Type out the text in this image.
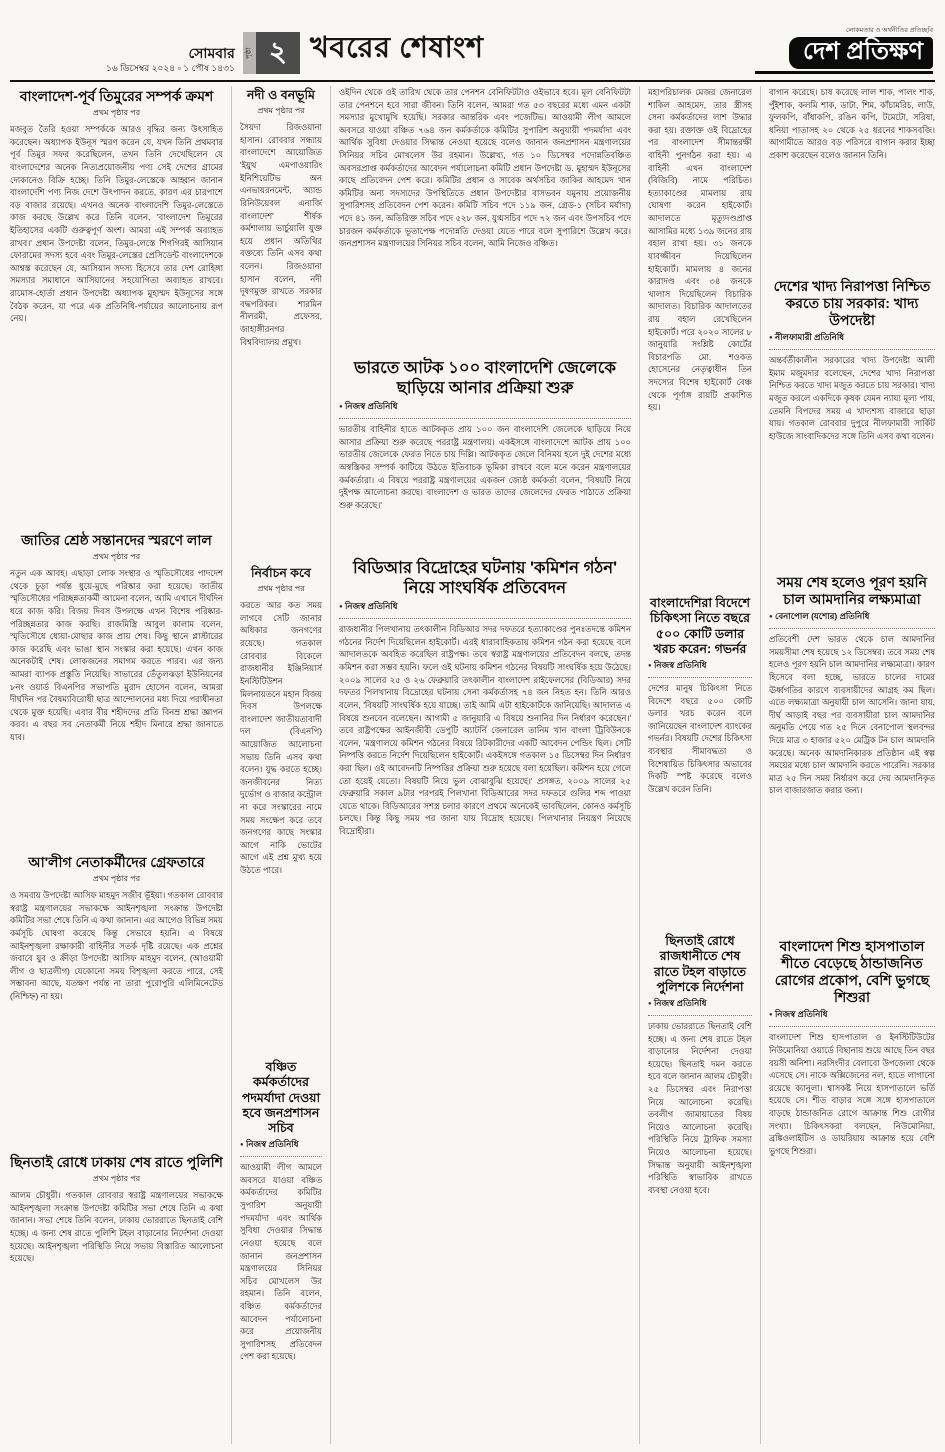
সোমবার
১৬ ডিসেম্বর ২০২৪ ▫ ১ পৌষ ১৪৩১
পৃষ্ঠা ২ খবরের শেষাংশ
লোকমতার ও অর্থনীতির প্রতিচ্ছবি
দেশ প্রতিক্ষণ
বাংলাদেশ-পূর্ব তিমুরের সম্পর্ক ক্রমশ
প্রথম পৃষ্ঠার পর
মজবুত তৈরি হওয়া সম্পর্ককে আরও বৃদ্ধির জন্য উৎসাহিত করেছেন। অধ্যাপক ইউনূস স্মরণ করেন যে, যখন তিনি প্রথমবার পূর্ব তিমুর সফর করেছিলেন, তখন তিনি দেখেছিলেন যে বাংলাদেশের অনেক নিত্যপ্রয়োজনীয় পণ্য সেই দেশের গ্রামের দোকানেও বিক্রি হচ্ছে। তিনি তিমুর-লেস্তেকে আহ্বান জানান বাংলাদেশি পণ্য নিজ দেশে উৎপাদন করতে, কারণ এর চারপাশে বড় বাজার রয়েছে। এখনও অনেক বাংলাদেশি তিমুর-লেস্তেতে কাজ করছে উল্লেখ করে তিনি বলেন, 'বাংলাদেশ তিমুরের ইতিহাসের একটি গুরুত্বপূর্ণ অংশ। আমরা এই সম্পর্ক অব্যাহত রাখব।' প্রধান উপদেষ্টা বলেন, তিমুর-লেস্তে শিগগিরই আসিয়ান ফোরামের সদস্য হবে এবং তিমুর-লেস্তের প্রেসিডেন্ট বাংলাদেশকে আশ্বস্ত করেছেন যে, আসিয়ান সদস্য হিসেবে তার দেশ রোহিঙ্গা সমস্যার সমাধানে আসিয়ানের সহযোগিতা অব্যাহত রাখবে। রামোস-হোর্তা প্রধান উপদেষ্টা অধ্যাপক মুহাম্মদ ইউনূসের সঙ্গে বৈঠক করেন, যা পরে এক প্রতিনিধি-পর্যায়ের আলোচনায় রূপ নেয়।
জাতির শ্রেষ্ঠ সন্তানদের স্মরণে লাল
প্রথম পৃষ্ঠার পর
নতুন এক আবহ। এছাড়া লোক সংস্থার ও স্মৃতিসৌধের পাদদেশ থেকে চূড়া পর্যন্ত ধুয়ে-মুছে পরিষ্কার করা হয়েছে। জাতীয় স্মৃতিসৌধের পরিচ্ছন্নতাকর্মী আমেনা বলেন, আমি এখানে দীর্ঘদিন ধরে কাজ করি। বিজয় দিবস উপলক্ষে এখন বিশেষ পরিষ্কার-পরিচ্ছন্নতার কাজ করছি। রাজমিস্ত্রি আবুল কালাম বলেন, স্মৃতিসৌধে ধোয়া-মোছার কাজ প্রায় শেষ। কিছু স্থানে প্লাস্টারের কাজ করেছি এবং ভাঙা স্থান সংস্কার করা হয়েছে। এখন কাজ অনেকটাই শেষ। লোকজনের সমাগম করতে পারব। এর জন্য আমরা ব্যাপক প্রস্তুতি নিয়েছি। সাভারের তেঁতুলঝড়া ইউনিয়নের ৮নং ওয়ার্ড বিএনপির সভাপতি মুরাদ হোসেন বলেন, আমরা দীর্ঘদিন পর বৈষম্যবিরোধী ছাত্র আন্দোলনের মধ্য দিয়ে পরাধীনতা থেকে মুক্ত হয়েছি। এবার বীর শহীদদের প্রতি বিনম্র শ্রদ্ধা জ্ঞাপন করব। এ বছর সব নেতাকর্মী নিয়ে শহীদ মিনারে শ্রদ্ধা জানাতে যাব।
আ'লীগ নেতাকর্মীদের গ্রেফতারে
প্রথম পৃষ্ঠার পর
ও সমবায় উপদেষ্টা আসিফ মাহমুদ সজীব ভূঁইয়া। গতকাল রোববার স্বরাষ্ট্র মন্ত্রণালয়ের সভাকক্ষে আইনশৃঙ্খলা সংক্রান্ত উপদেষ্টা কমিটির সভা শেষে তিনি এ কথা জানান। এর আগেও বিভিন্ন সময় কর্মসূচি ঘোষণা করেছে কিন্তু সেভাবে হয়নি। এ বিষয়ে আইনশৃঙ্খলা রক্ষাকারী বাহিনীর সতর্ক দৃষ্টি রয়েছে। এক প্রশ্নের জবাবে যুব ও ক্রীড়া উপদেষ্টা আসিফ মাহমুদ বলেন, (আওয়ামী লীগ ও ছাত্রলীগ) যেকোনো সময় বিশৃঙ্খলা করতে পারে, সেই সম্ভাবনা আছে, যতক্ষণ পর্যন্ত না তারা পুরোপুরি এলিমিনেটেড (নিশ্চিহ্ন) না হয়।
ছিনতাই রোধে ঢাকায় শেষ রাতে পুলিশি
প্রথম পৃষ্ঠার পর
আলম চৌধুরী। গতকাল রোববার স্বরাষ্ট্র মন্ত্রণালয়ের সভাকক্ষে আইনশৃঙ্খলা সংক্রান্ত উপদেষ্টা কমিটির সভা শেষে তিনি এ কথা জানান। সভা শেষে তিনি বলেন, ঢাকায় ভোররাতে ছিনতাই বেশি হচ্ছে। এ জন্য শেষ রাতে পুলিশি টহল বাড়ানোর নির্দেশনা দেওয়া হয়েছে। আইনশৃঙ্খলা পরিস্থিতি নিয়ে সভায় বিস্তারিত আলোচনা হয়েছে।
নদী ও বনভূমি
প্রথম পৃষ্ঠার পর
সৈয়দা রিজওয়ানা হাসান। রোববার সন্ধ্যায় বাংলাদেশে আয়োজিত 'ইয়ুথ এমপাওয়ারিং ইনিশিয়েটিভ অন এনভায়রনমেন্ট, অ্যান্ড রিনিউয়েবল এনার্জি বাংলাদেশ' শীর্ষক কর্মশালায় ভার্চুয়ালি যুক্ত হয়ে প্রধান অতিথির বক্তব্যে তিনি এসব কথা বলেন। রিজওয়ানা হাসান বলেন, নদী দূষণমুক্ত রাখতে সরকার বদ্ধপরিকর। শারমিন নীলরমী, প্রফেসর, জাহাঙ্গীরনগর বিশ্ববিদ্যালয় প্রমুখ।
নির্বাচন কবে
প্রথম পৃষ্ঠার পর
করতে আর কত সময় লাগবে সেটি জানার অধিকার জনগণের রয়েছে। গতকাল রোববার বিকেলে রাজধানীর ইঞ্জিনিয়ার্স ইনস্টিটিউশন মিলনায়তনে মহান বিজয় দিবস উপলক্ষে বাংলাদেশ জাতীয়তাবাদী দল (বিএনপি) আয়োজিত আলোচনা সভায় তিনি এসব কথা বলেন। যুদ্ধ করতে হচ্ছে। জনজীবনের নিত্য দুর্ভোগ ও বাজার কন্ট্রোল না করে সংস্কারের নামে সময় সংক্ষেপ করে তবে জনগণের কাছে সংস্কার আগে নাকি ভোটের আগে এই প্রশ্ন মুখ্য হয়ে উঠতে পারে।
বঞ্চিত কর্মকর্তাদের পদমর্যাদা দেওয়া হবে জনপ্রশাসন সচিব
● নিজস্ব প্রতিনিধি
আওয়ামী লীগ আমলে অবসরে যাওয়া বঞ্চিত কর্মকর্তাদের কমিটির সুপারিশ অনুযায়ী পদমর্যাদা এবং আর্থিক সুবিধা দেওয়ার সিদ্ধান্ত নেওয়া হয়েছে বলে জানান জনপ্রশাসন মন্ত্রণালয়ের সিনিয়র সচিব মোখলেস উর রহমান। তিনি বলেন, বঞ্চিত কর্মকর্তাদের আবেদন পর্যালোচনা করে প্রয়োজনীয় সুপারিশসহ প্রতিবেদন পেশ করা হয়েছে।
ওইদিন থেকে ওই তারিখ থেকে তার পেনশন বেনিফিটটাও ওইভাবে হবে। মূল বেনিফিটটা তার পেনশনে হবে সারা জীবন। তিনি বলেন, আমরা গত ৫৩ বছরের মধ্যে এমন একটা সমস্যার মুখোমুখি হয়েছি। সরকার আন্তরিক এবং পজেটিভ। আওয়ামী লীগ আমলে অবসরে যাওয়া বঞ্চিত ৭৬৪ জন কর্মকর্তাকে কমিটির সুপারিশ অনুযায়ী পদমর্যাদা এবং আর্থিক সুবিধা দেওয়ার সিদ্ধান্ত নেওয়া হয়েছে বলেও জানান জনপ্রশাসন মন্ত্রণালয়ের সিনিয়র সচিব মোখলেস উর রহমান। উল্লেখ্য, গত ১০ ডিসেম্বর পদোন্নতিবঞ্চিত অবসরপ্রাপ্ত কর্মকর্তাদের আবেদন পর্যালোচনা কমিটি প্রধান উপদেষ্টা ড. মুহাম্মদ ইউনূসের কাছে প্রতিবেদন পেশ করে। কমিটির প্রধান ও সাবেক অর্থসচিব জাকির আহমেদ খান কমিটির অন্য সদস্যদের উপস্থিতিতে প্রধান উপদেষ্টার বাসভবন যমুনায় প্রয়োজনীয় সুপারিশসহ প্রতিবেদন পেশ করেন। কমিটি সচিব পদে ১১৯ জন, গ্রেড-১ (সচিব মর্যাদা) পদে ৪১ জন, অতিরিক্ত সচিব পদে ৫২৮ জন, যুগ্মসচিব পদে ৭২ জন এবং উপসচিব পদে চারজন কর্মকর্তাকে ভূতাপেক্ষ পদোন্নতি দেওয়া যেতে পারে বলে সুপারিশে উল্লেখ করে। জনপ্রশাসন মন্ত্রণালয়ের সিনিয়র সচিব বলেন, আমি নিজেও বঞ্চিত।
ভারতে আটক ১০০ বাংলাদেশি জেলেকে ছাড়িয়ে আনার প্রক্রিয়া শুরু
● নিজস্ব প্রতিনিধি
ভারতীয় বাহিনীর হাতে আটককৃত প্রায় ১০০ জন বাংলাদেশি জেলেকে ছাড়িয়ে নিয়ে আসার প্রক্রিয়া শুরু করেছে পররাষ্ট্র মন্ত্রণালয়। একইসঙ্গে বাংলাদেশে আটক প্রায় ১০০ ভারতীয় জেলেকে ফেরত নিতে চায় দিল্লি। আটককৃত জেলে বিনিময় হলে দুই দেশের মধ্যে অস্বস্তিকর সম্পর্ক কাটিয়ে উঠতে ইতিবাচক ভূমিকা রাখবে বলে মনে করেন মন্ত্রণালয়ের কর্মকর্তারা। এ বিষয়ে পররাষ্ট্র মন্ত্রণালয়ের একজন জ্যেষ্ঠ কর্মকর্তা বলেন, 'বিষয়টি নিয়ে দুইপক্ষ আলোচনা করছে। বাংলাদেশ ও ভারত তাদের জেলেদের ফেরত পাঠাতে প্রক্রিয়া শুরু করেছে।'
বিডিআর বিদ্রোহের ঘটনায় 'কমিশন গঠন' নিয়ে সাংঘর্ষিক প্রতিবেদন
● নিজস্ব প্রতিনিধি
রাজধানীর পিলখানায় তৎকালীন বিডিআর সদর দফতরে হত্যাকাণ্ডের পুনঃতদন্তে কমিশন গঠনের নির্দেশ দিয়েছিলেন হাইকোর্ট। এরই ধারাবাহিকতায় কমিশন গঠন করা হয়েছে বলে আদালতকে অবহিত করেছিল রাষ্ট্রপক্ষ। তবে স্বরাষ্ট্র মন্ত্রণালয়ের প্রতিবেদন বলছে, তদন্ত কমিশন করা সম্ভব হয়নি। ফলে ওই ঘটনায় কমিশন গঠনের বিষয়টি সাংঘর্ষিক হয়ে উঠেছে। ২০০৯ সালের ২৫ ও ২৬ ফেব্রুয়ারি তৎকালীন বাংলাদেশ রাইফেলসের (বিডিআর) সদর দফতর পিলখানায় বিদ্রোহের ঘটনায় সেনা কর্মকর্তাসহ ৭৪ জন নিহত হন। তিনি আরও বলেন, 'বিষয়টি সাংঘর্ষিক হয়ে যাচ্ছে। তাই আমি এটা হাইকোর্টকে জানিয়েছি। আদালত এ বিষয়ে শুনবেন বলেছেন। আগামী ৫ জানুয়ারি এ বিষয়ে শুনানির দিন নির্ধারণ করেছেন।' তবে রাষ্ট্রপক্ষের আইনজীবী ডেপুটি অ্যাটর্নি জেনারেল তানিম খান বাংলা ট্রিবিউনকে বলেন, 'মন্ত্রণালয়ে কমিশন গঠনের বিষয়ে রিটকারীদের একটি আবেদন পেন্ডিং ছিল। সেটি নিষ্পত্তি করতে নির্দেশ দিয়েছিলেন হাইকোর্ট। একইসঙ্গে গতকাল ১৫ ডিসেম্বর দিন নির্ধারণ করা ছিল। ওই আবেদনটি নিষ্পত্তির প্রক্রিয়া শুরু হয়েছে বলা হয়েছিল। কমিশন হয়ে গেলে তো হয়েই যেতো। বিষয়টি নিয়ে ভুল বোঝাবুঝি হয়েছে।' প্রসঙ্গত, ২০০৯ সালের ২৫ ফেব্রুয়ারি সকাল ৯টার পরপরই পিলখানা বিডিআরের সদর দফতরে গুলির শব্দ পাওয়া যেতে থাকে। বিডিআরের সশস্ত্র চলার কারণে প্রথমে অনেকেই ভাবছিলেন, কোনও কর্মসূচি চলছে। কিন্তু কিছু সময় পর জানা যায় বিদ্রোহ হয়েছে। পিলখানার নিয়ন্ত্রণ নিয়েছে বিদ্রোহীরা।
মহাপরিচালক মেজর জেনারেল শাকিল আহমেদ, তার স্ত্রীসহ সেনা কর্মকর্তাদের লাশ উদ্ধার করা হয়। রক্তাক্ত ওই বিদ্রোহের পর বাংলাদেশ সীমান্তরক্ষী বাহিনী পুনর্গঠন করা হয়। এ বাহিনী এখন বাংলাদেশ (বিজিবি) নামে পরিচিত। হত্যাকাণ্ডের মামলায় রায় ঘোষণা করেন হাইকোর্ট। আদালতে মৃত্যুদণ্ডপ্রাপ্ত আসামির মধ্যে ১৩৯ জনের রায় বহাল রাখা হয়। ৩১ জনকে যাবজ্জীবন দিয়েছিলেন হাইকোর্ট। মামলায় ৪ জনের কারাদণ্ড এবং ৩৪ জনকে খালাস দিয়েছিলেন বিচারিক আদালত। বিচারিক আদালতের রায় বহাল রেখেছিলেন হাইকোর্ট। পরে ২০২০ সালের ৮ জানুয়ারি সংশ্লিষ্ট কোর্টের বিচারপতি মো. শওকত হোসেনের নেতৃত্বাধীন তিন সদস্যের বিশেষ হাইকোর্ট বেঞ্চ থেকে পূর্ণাঙ্গ রায়টি প্রকাশিত হয়।
বাংলাদেশিরা বিদেশে চিকিৎসা নিতে বছরে ৫০০ কোটি ডলার খরচ করেন: গভর্নর
● নিজস্ব প্রতিনিধি
দেশের মানুষ চিকিৎসা নিতে বিদেশে বছরে ৫০০ কোটি ডলার খরচ করেন বলে জানিয়েছেন বাংলাদেশ ব্যাংকের গভর্নর। বিষয়টি দেশের চিকিৎসা ব্যবস্থার সীমাবদ্ধতা ও বিশেষায়িত চিকিৎসার অভাবের দিকটি স্পষ্ট করেছে বলেও উল্লেখ করেন তিনি।
ছিনতাই রোধে রাজধানীতে শেষ রাতে টহল বাড়াতে পুলিশকে নির্দেশনা
● নিজস্ব প্রতিনিধি
ঢাকায় ভোররাতে ছিনতাই বেশি হচ্ছে। এ জন্য শেষ রাতে টহল বাড়ানোর নির্দেশনা দেওয়া হয়েছে। ছিনতাই দমন করতে হবে বলে জানান আলম চৌধুরী। ২৫ ডিসেম্বর এবং নিরাপত্তা নিয়ে আলোচনা করেছি। তবলীগ জামায়াতের বিষয় নিয়েও আলোচনা করেছি। পরিস্থিতি নিয়ে ট্রাফিক সমস্যা নিয়েও আলোচনা হয়েছে। সিদ্ধান্ত অনুযায়ী আইনশৃঙ্খলা পরিস্থিতি স্বাভাবিক রাখতে ব্যবস্থা নেওয়া হবে।
বাগান করেছে। চাষ করেছে লাল শাক, পালং শাক, পুঁইশাক, কলমি শাক, ডাটা, শিম, কাঁচামরিচ, লাউ, ফুলকপি, বাঁধাকপি, রঙিন কপি, টমেটো, সরিষা, ধনিয়া পাতাসহ ২০ থেকে ২৫ ধরনের শাকসবজি। আগামীতে আরও বড় পরিসরে বাগান করার ইচ্ছা প্রকাশ করেছেন বলেও জানান তিনি।
দেশের খাদ্য নিরাপত্তা নিশ্চিত করতে চায় সরকার: খাদ্য উপদেষ্টা
● নীলফামারী প্রতিনিধি
অন্তর্বর্তীকালীন সরকারের খাদ্য উপদেষ্টা আলী ইমাম মজুমদার বলেছেন, দেশের খাদ্য নিরাপত্তা নিশ্চিত করতে খাদ্য মজুত করতে চায় সরকার। খাদ্য মজুত করলে একদিকে কৃষক যেমন ন্যায্য মূল্য পায়, তেমনি বিপদের সময় এ খাদ্যশস্য বাজারে ছাড়া যায়। গতকাল রোববার দুপুরে নীলফামারী সার্কিট হাউজে সাংবাদিকদের সঙ্গে তিনি এসব কথা বলেন।
সময় শেষ হলেও পূরণ হয়নি চাল আমদানির লক্ষ্যমাত্রা
● বেনাপোল (যশোর) প্রতিনিধি
প্রতিবেশী দেশ ভারত থেকে চাল আমদানির সময়সীমা শেষ হয়েছে ১২ ডিসেম্বর। তবে সময় শেষ হলেও পূরণ হয়নি চাল আমদানির লক্ষ্যমাত্রা। কারণ হিসেবে বলা হচ্ছে, ভারতে চালের দামের ঊর্ধ্বগতির কারণে ব্যবসায়ীদের আগ্রহ কম ছিল। এতে লক্ষ্যমাত্রা অনুযায়ী চাল আসেনি। জানা যায়, দীর্ঘ আড়াই বছর পর ব্যবসায়ীরা চাল আমদানির অনুমতি পেয়ে গত ২৫ দিনে বেনাপোল স্থলবন্দর দিয়ে মাত্র ৩ হাজার ৫২০ মেট্রিক টন চাল আমদানি করেছে। অনেক আমদানিকারক প্রতিষ্ঠান এই স্বল্প সময়ের মধ্যে চাল আমদানি করতে পারেনি। সরকার মাত্র ২৫ দিন সময় নির্ধারণ করে দেয় আমদানিকৃত চাল বাজারজাত করার জন্য।
বাংলাদেশ শিশু হাসপাতাল শীতে বেড়েছে ঠান্ডাজনিত রোগের প্রকোপ, বেশি ভুগছে শিশুরা
● নিজস্ব প্রতিনিধি
বাংলাদেশ শিশু হাসপাতাল ও ইনস্টিটিউটের নিউমোনিয়া ওয়ার্ডে বিছানায় শুয়ে আছে তিন বছর বয়সী অনিশা। নরসিংদীর বেলাবো উপজেলা থেকে এসেছে সে। নাকে অক্সিজেনের নল, হাতে লাগানো রয়েছে ক্যানুলা। শ্বাসকষ্ট নিয়ে হাসপাতালে ভর্তি হয়েছে সে। শীত বাড়ার সঙ্গে সঙ্গে হাসপাতালে বাড়ছে ঠান্ডাজনিত রোগে আক্রান্ত শিশু রোগীর সংখ্যা। চিকিৎসকরা বলছেন, নিউমোনিয়া, ব্রঙ্কিওলাইটিস ও ডায়রিয়ায় আক্রান্ত হয়ে বেশি ভুগছে শিশুরা।
